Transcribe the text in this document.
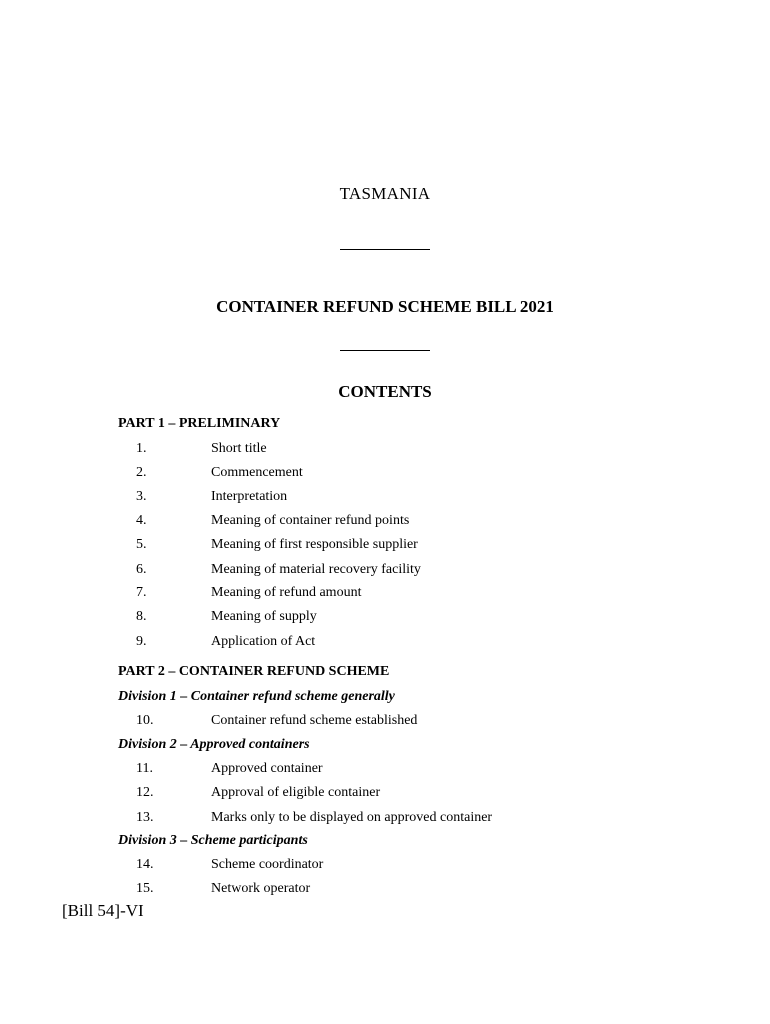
TASMANIA
CONTAINER REFUND SCHEME BILL 2021
CONTENTS
PART 1 – PRELIMINARY
1.	Short title
2.	Commencement
3.	Interpretation
4.	Meaning of container refund points
5.	Meaning of first responsible supplier
6.	Meaning of material recovery facility
7.	Meaning of refund amount
8.	Meaning of supply
9.	Application of Act
PART 2 – CONTAINER REFUND SCHEME
Division 1 – Container refund scheme generally
10.	Container refund scheme established
Division 2 – Approved containers
11.	Approved container
12.	Approval of eligible container
13.	Marks only to be displayed on approved container
Division 3 – Scheme participants
14.	Scheme coordinator
15.	Network operator
[Bill 54]-VI
